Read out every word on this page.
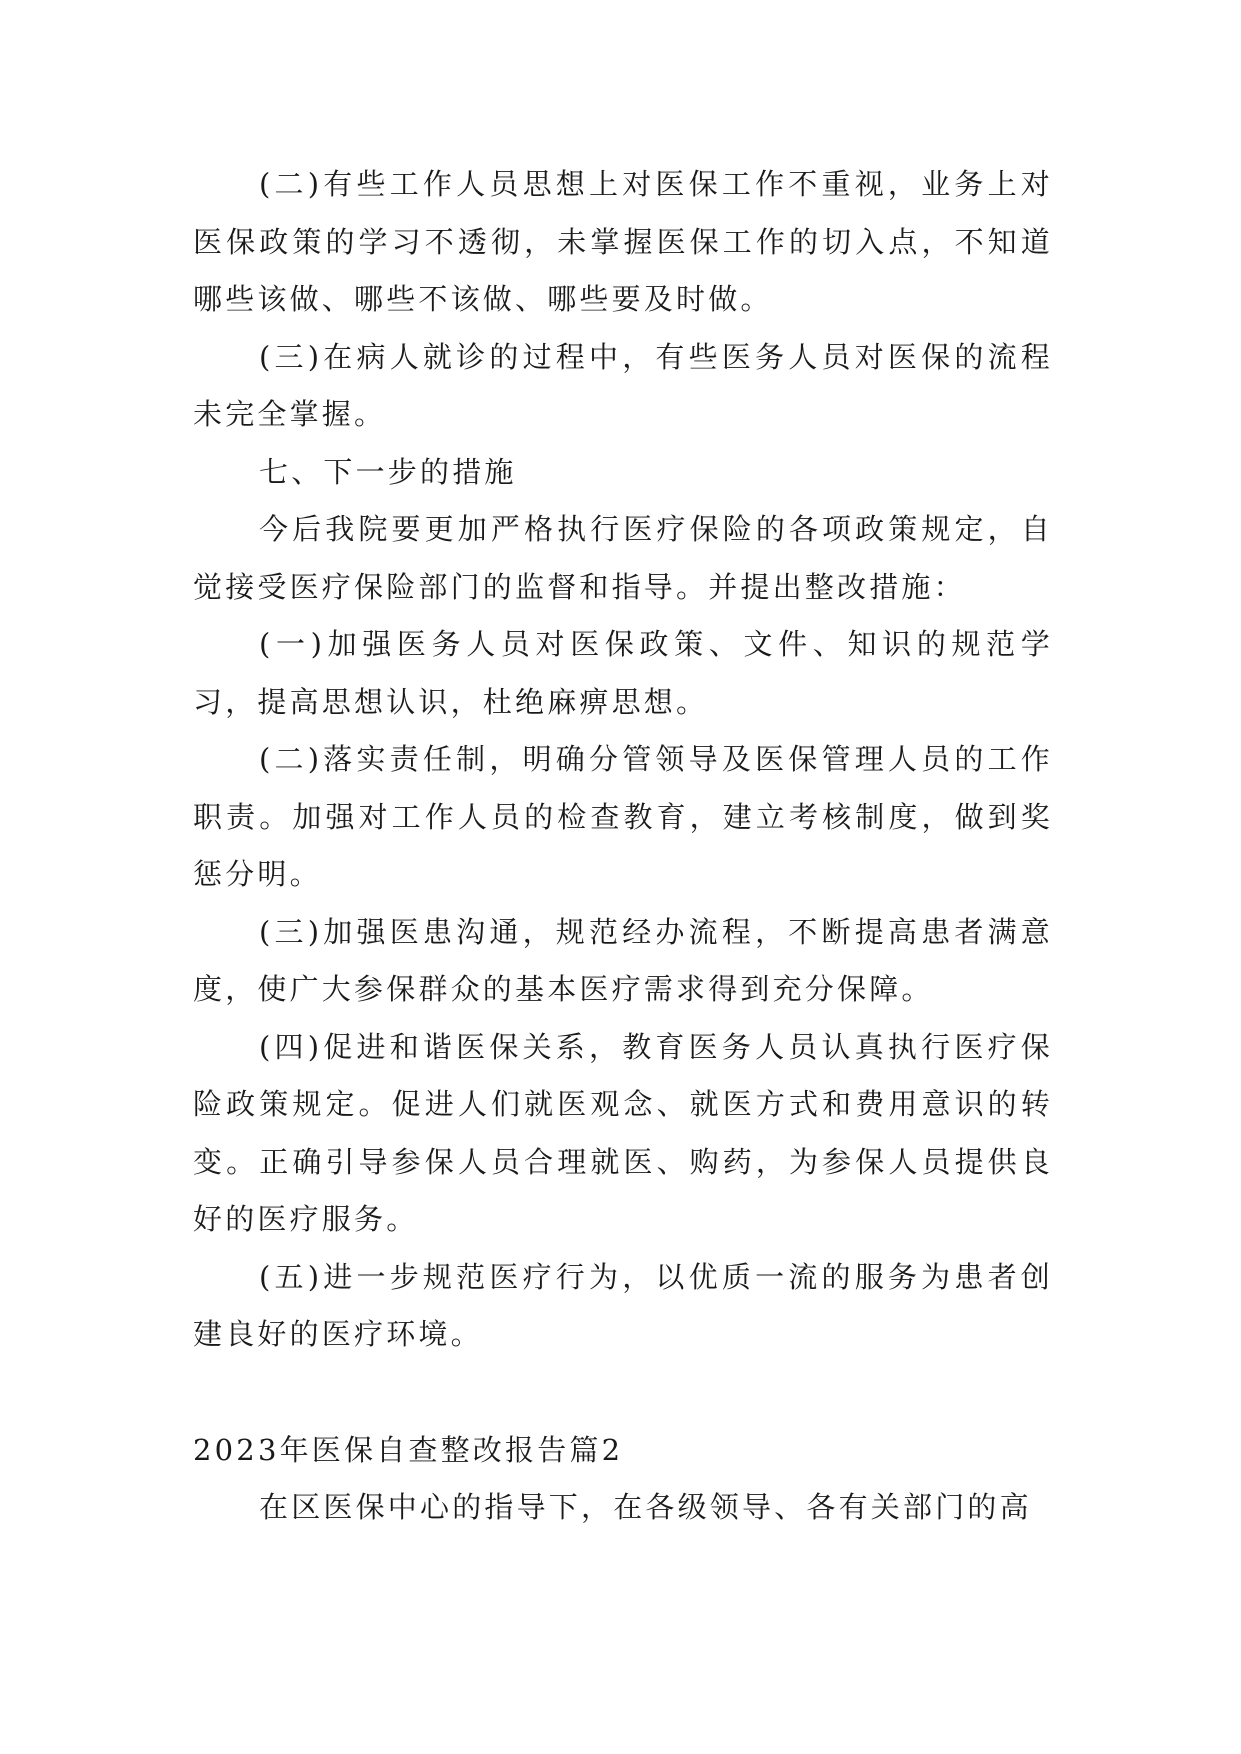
(二)有些工作人员思想上对医保工作不重视，业务上对医保政策的学习不透彻，未掌握医保工作的切入点，不知道哪些该做、哪些不该做、哪些要及时做。

(三)在病人就诊的过程中，有些医务人员对医保的流程未完全掌握。

七、下一步的措施

今后我院要更加严格执行医疗保险的各项政策规定，自觉接受医疗保险部门的监督和指导。并提出整改措施：

(一)加强医务人员对医保政策、文件、知识的规范学习，提高思想认识，杜绝麻痹思想。

(二)落实责任制，明确分管领导及医保管理人员的工作职责。加强对工作人员的检查教育，建立考核制度，做到奖惩分明。

(三)加强医患沟通，规范经办流程，不断提高患者满意度，使广大参保群众的基本医疗需求得到充分保障。

(四)促进和谐医保关系，教育医务人员认真执行医疗保险政策规定。促进人们就医观念、就医方式和费用意识的转变。正确引导参保人员合理就医、购药，为参保人员提供良好的医疗服务。

(五)进一步规范医疗行为，以优质一流的服务为患者创建良好的医疗环境。

2023年医保自查整改报告篇2

在区医保中心的指导下，在各级领导、各有关部门的高
